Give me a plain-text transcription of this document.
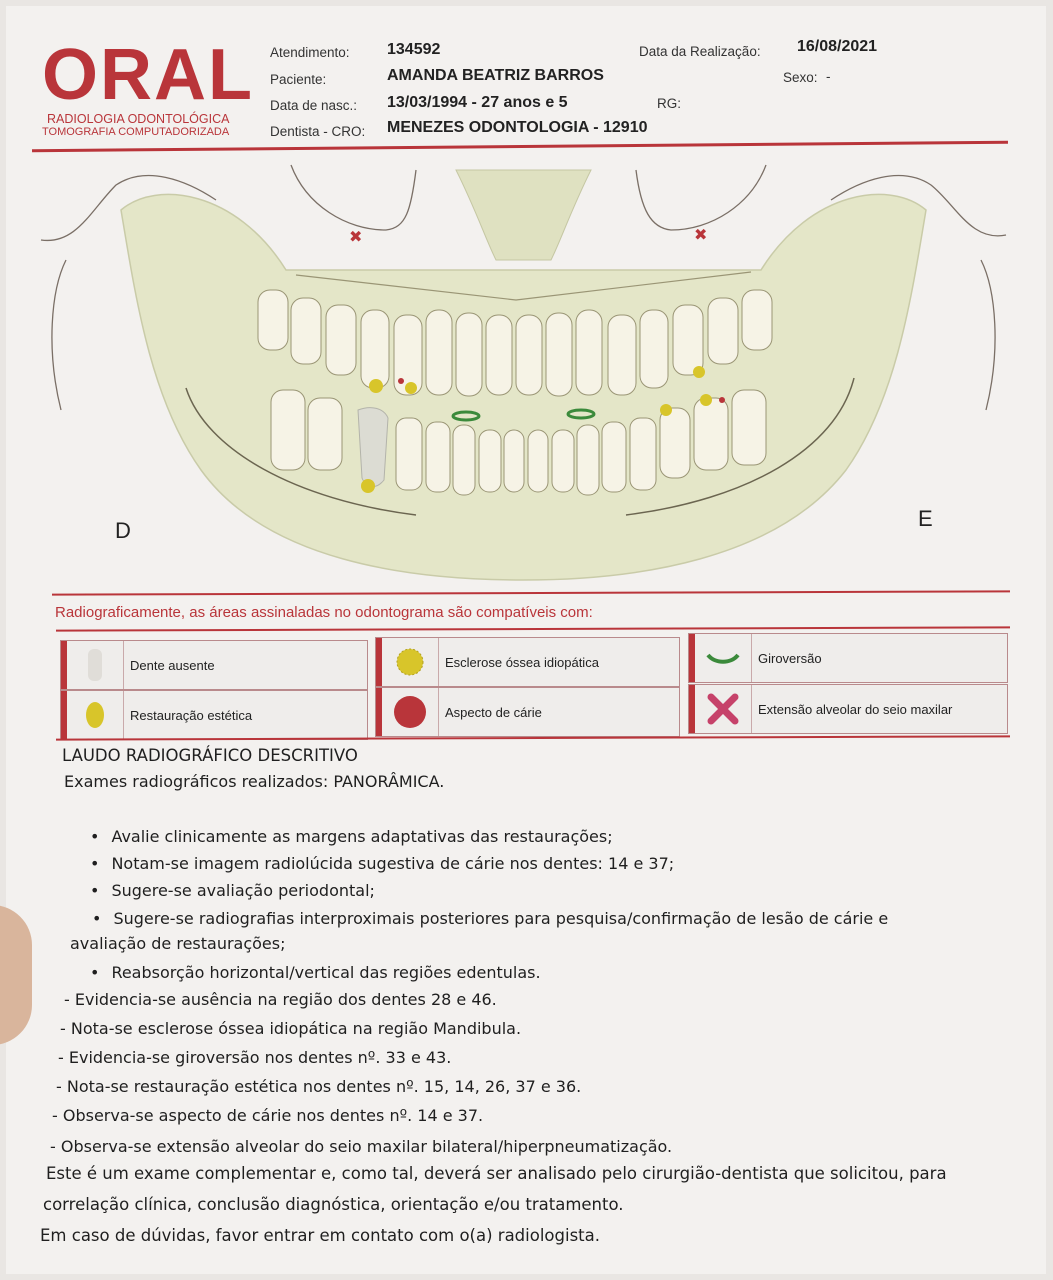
ORAL
RADIOLOGIA ODONTOLÓGICA
TOMOGRAFIA COMPUTADORIZADA
Atendimento: 134592	Data da Realização: 16/08/2021
Paciente:	AMANDA BEATRIZ BARROS	Sexo: -
Data de nasc.: 13/03/1994 - 27 anos e 5	RG:
Dentista - CRO: MENEZES ODONTOLOGIA - 12910
✖	✖
D	E
Radiograficamente, as áreas assinaladas no odontograma são compatíveis com:
Dente ausente	Esclerose óssea idiopática	Giroversão
Restauração estética	Aspecto de cárie	Extensão alveolar do seio maxilar
LAUDO RADIOGRÁFICO DESCRITIVO
Exames radiográficos realizados: PANORÂMICA.
• Avalie clinicamente as margens adaptativas das restaurações;
• Notam-se imagem radiolúcida sugestiva de cárie nos dentes: 14 e 37;
• Sugere-se avaliação periodontal;
• Sugere-se radiografias interproximais posteriores para pesquisa/confirmação de lesão de cárie e
avaliação de restaurações;
• Reabsorção horizontal/vertical das regiões edentulas.
- Evidencia-se ausência na região dos dentes 28 e 46.
- Nota-se esclerose óssea idiopática na região Mandibula.
- Evidencia-se giroversão nos dentes nº. 33 e 43.
- Nota-se restauração estética nos dentes nº. 15, 14, 26, 37 e 36.
- Observa-se aspecto de cárie nos dentes nº. 14 e 37.
- Observa-se extensão alveolar do seio maxilar bilateral/hiperpneumatização.
Este é um exame complementar e, como tal, deverá ser analisado pelo cirurgião-dentista que solicitou, para
correlação clínica, conclusão diagnóstica, orientação e/ou tratamento.
Em caso de dúvidas, favor entrar em contato com o(a) radiologista.
